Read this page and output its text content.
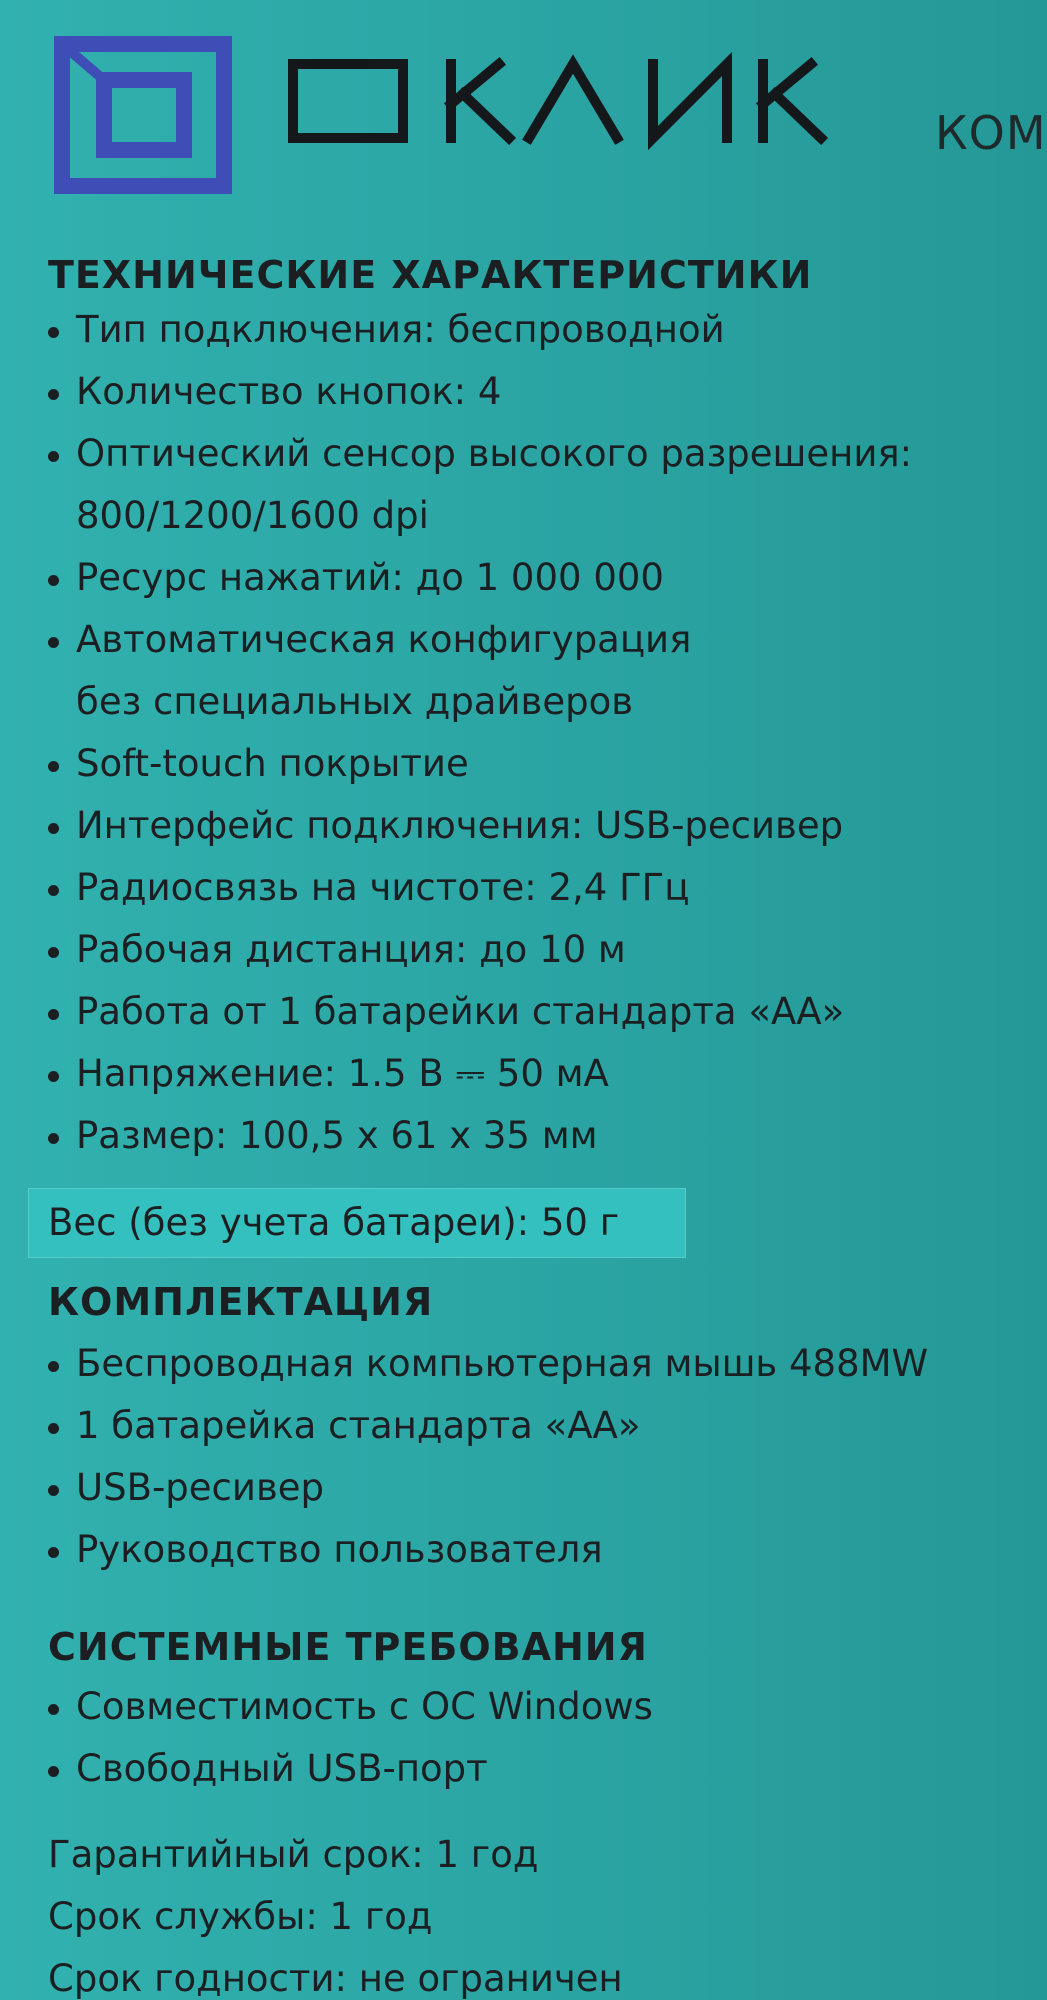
КОМ
ТЕХНИЧЕСКИЕ ХАРАКТЕРИСТИКИ
Тип подключения: беспроводной
Количество кнопок: 4
Оптический сенсор высокого разрешения:
800/1200/1600 dpi
Ресурс нажатий: до 1 000 000
Автоматическая конфигурация
без специальных драйверов
Soft-touch покрытие
Интерфейс подключения: USB-ресивер
Радиосвязь на чистоте: 2,4 ГГц
Рабочая дистанция: до 10 м
Работа от 1 батарейки стандарта «АА»
Напряжение: 1.5 В ⎓ 50 мА
Размер: 100,5 х 61 х 35 мм
Вес (без учета батареи): 50 г
КОМПЛЕКТАЦИЯ
Беспроводная компьютерная мышь 488MW
1 батарейка стандарта «АА»
USB-ресивер
Руководство пользователя
СИСТЕМНЫЕ ТРЕБОВАНИЯ
Совместимость с ОС Windows
Свободный USB-порт
Гарантийный срок: 1 год
Срок службы: 1 год
Срок годности: не ограничен
